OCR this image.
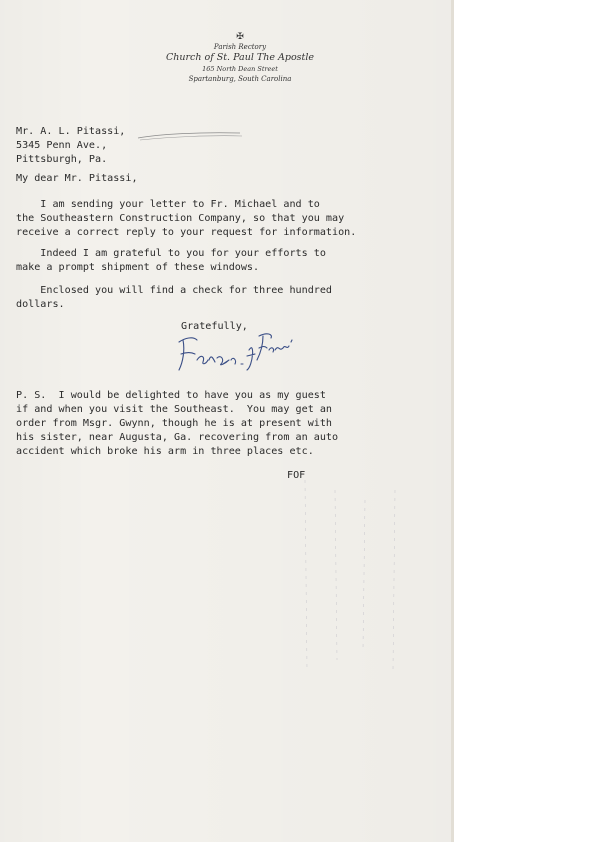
✠
Parish Rectory
Church of St. Paul The Apostle
165 North Dean Street
Spartanburg, South Carolina
Mr. A. L. Pitassi,
5345 Penn Ave.,
Pittsburgh, Pa.
My dear Mr. Pitassi,
I am sending your letter to Fr. Michael and to
the Southeastern Construction Company, so that you may
receive a correct reply to your request for information.
Indeed I am grateful to you for your efforts to
make a prompt shipment of these windows.
Enclosed you will find a check for three hundred
dollars.
Gratefully,
P. S.  I would be delighted to have you as my guest
if and when you visit the Southeast.  You may get an
order from Msgr. Gwynn, though he is at present with
his sister, near Augusta, Ga. recovering from an auto
accident which broke his arm in three places etc.
FOF
